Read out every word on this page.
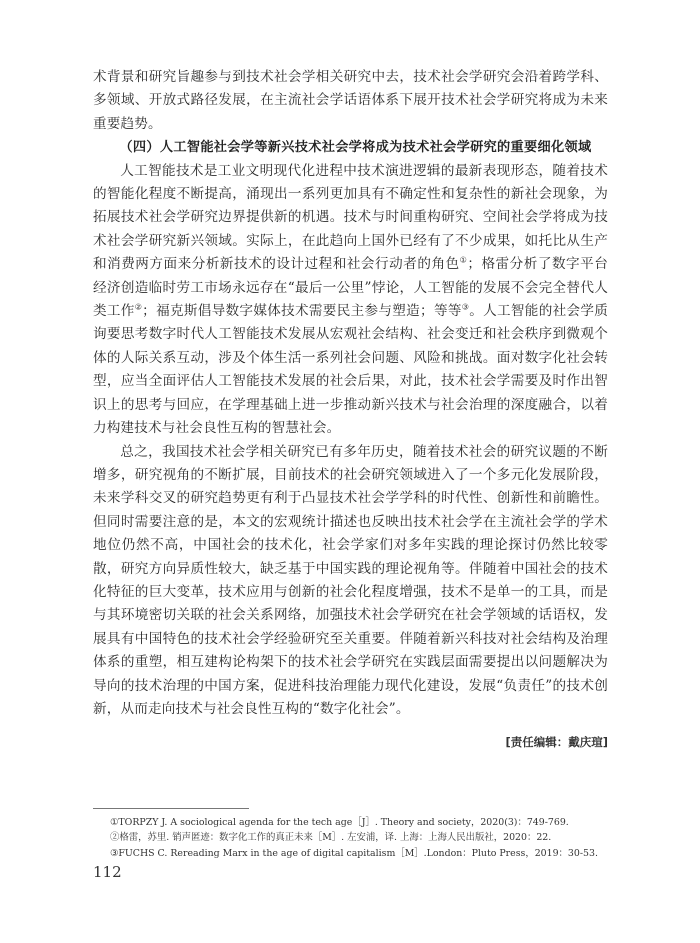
术背景和研究旨趣参与到技术社会学相关研究中去，技术社会学研究会沿着跨学科、多领域、开放式路径发展，在主流社会学话语体系下展开技术社会学研究将成为未来重要趋势。

（四）人工智能社会学等新兴技术社会学将成为技术社会学研究的重要细化领域

人工智能技术是工业文明现代化进程中技术演进逻辑的最新表现形态，随着技术的智能化程度不断提高，涌现出一系列更加具有不确定性和复杂性的新社会现象，为拓展技术社会学研究边界提供新的机遇。技术与时间重构研究、空间社会学将成为技术社会学研究新兴领域。实际上，在此趋向上国外已经有了不少成果，如托比从生产和消费两方面来分析新技术的设计过程和社会行动者的角色①；格雷分析了数字平台经济创造临时劳工市场永远存在“最后一公里”悖论，人工智能的发展不会完全替代人类工作②；福克斯倡导数字媒体技术需要民主参与塑造；等等③。人工智能的社会学质询要思考数字时代人工智能技术发展从宏观社会结构、社会变迁和社会秩序到微观个体的人际关系互动，涉及个体生活一系列社会问题、风险和挑战。面对数字化社会转型，应当全面评估人工智能技术发展的社会后果，对此，技术社会学需要及时作出智识上的思考与回应，在学理基础上进一步推动新兴技术与社会治理的深度融合，以着力构建技术与社会良性互构的智慧社会。

总之，我国技术社会学相关研究已有多年历史，随着技术社会的研究议题的不断增多，研究视角的不断扩展，目前技术的社会研究领域进入了一个多元化发展阶段，未来学科交叉的研究趋势更有利于凸显技术社会学学科的时代性、创新性和前瞻性。但同时需要注意的是，本文的宏观统计描述也反映出技术社会学在主流社会学的学术地位仍然不高，中国社会的技术化，社会学家们对多年实践的理论探讨仍然比较零散，研究方向异质性较大，缺乏基于中国实践的理论视角等。伴随着中国社会的技术化特征的巨大变革，技术应用与创新的社会化程度增强，技术不是单一的工具，而是与其环境密切关联的社会关系网络，加强技术社会学研究在社会学领域的话语权，发展具有中国特色的技术社会学经验研究至关重要。伴随着新兴科技对社会结构及治理体系的重塑，相互建构论构架下的技术社会学研究在实践层面需要提出以问题解决为导向的技术治理的中国方案，促进科技治理能力现代化建设，发展“负责任”的技术创新，从而走向技术与社会良性互构的“数字化社会”。

[责任编辑：戴庆瑄]
①TORPZY J. A sociological agenda for the tech age［J］. Theory and society，2020(3)：749-769.
②格雷，苏里. 销声匿迹：数字化工作的真正未来［M］. 左安浦，译. 上海：上海人民出版社，2020：22.
③FUCHS C. Rereading Marx in the age of digital capitalism［M］.London：Pluto Press，2019：30-53.
112
